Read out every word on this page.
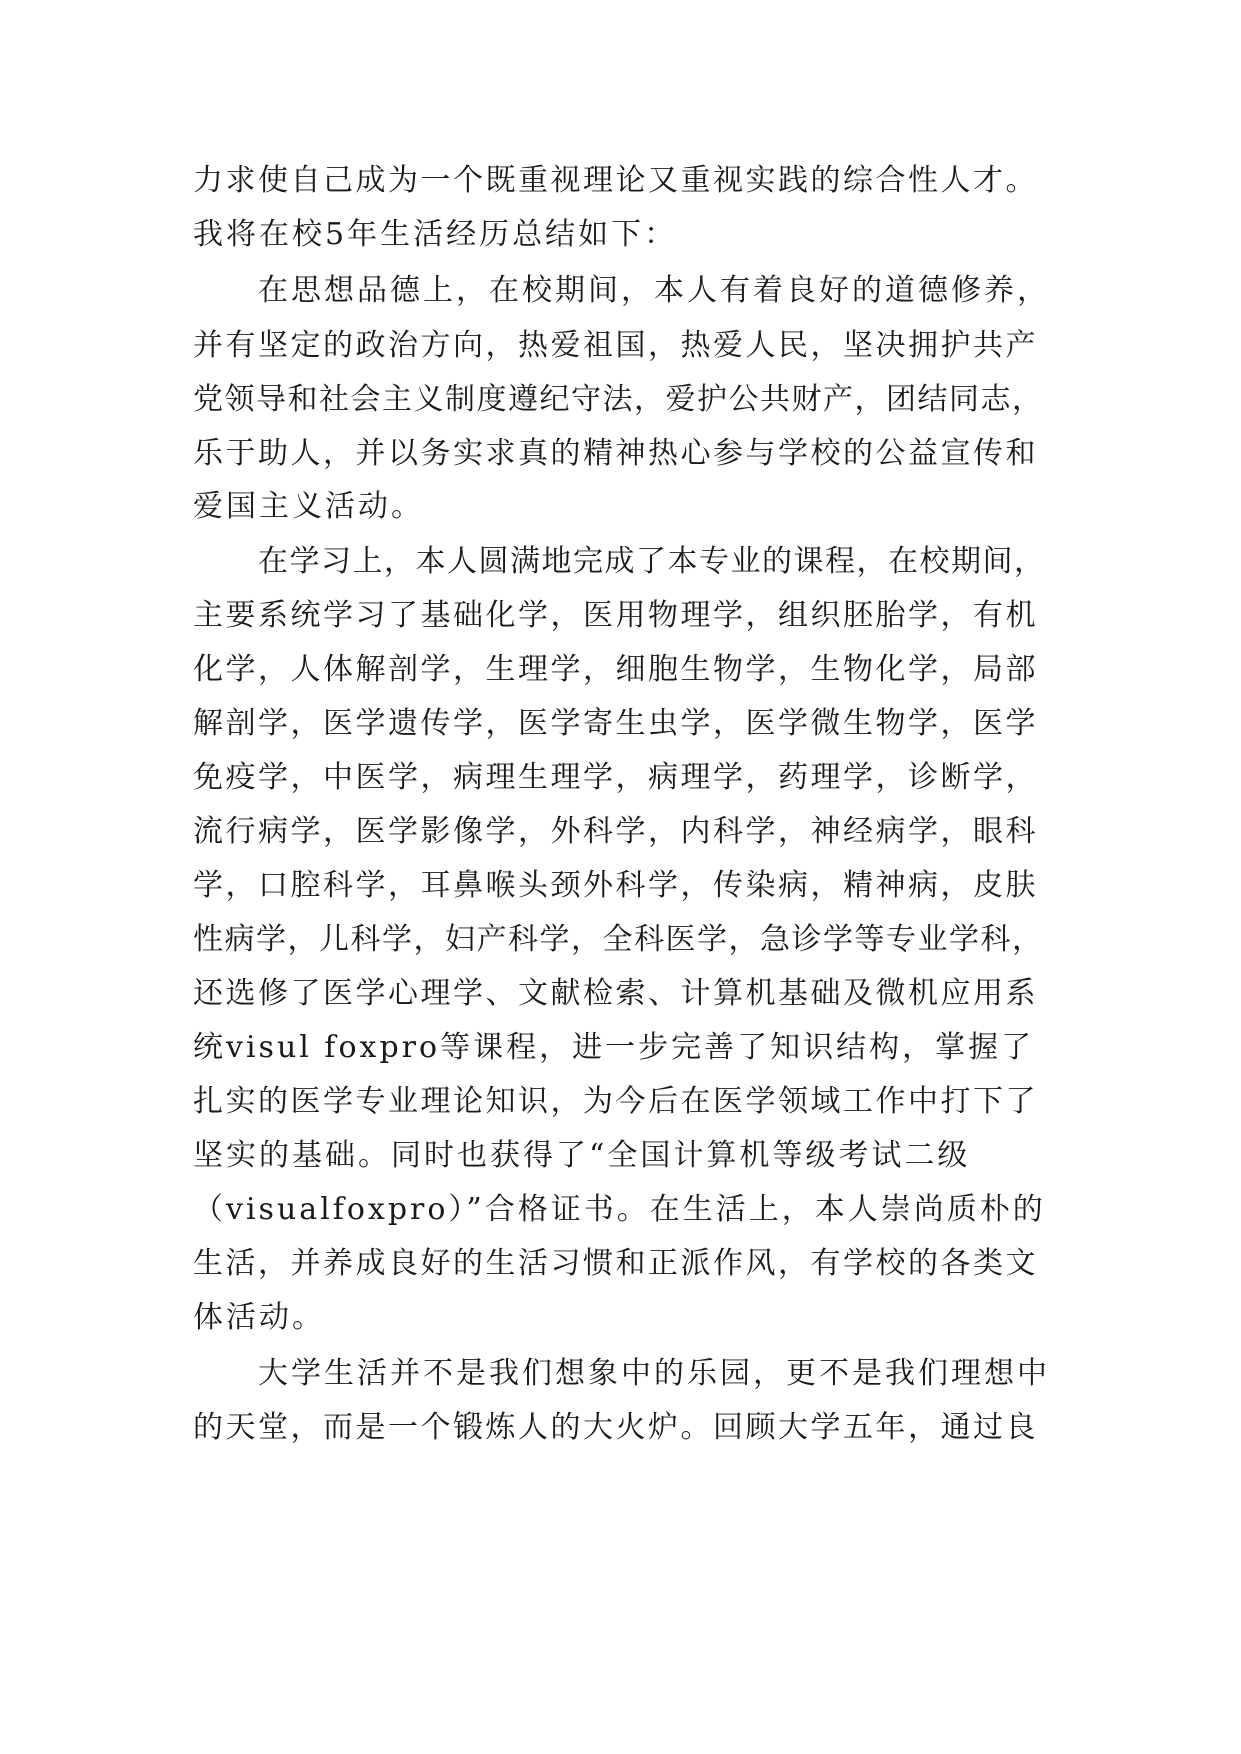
力求使自己成为一个既重视理论又重视实践的综合性人才。
我将在校5年生活经历总结如下：
在思想品德上，在校期间，本人有着良好的道德修养，
并有坚定的政治方向，热爱祖国，热爱人民，坚决拥护共产
党领导和社会主义制度遵纪守法，爱护公共财产，团结同志，
乐于助人，并以务实求真的精神热心参与学校的公益宣传和
爱国主义活动。
在学习上，本人圆满地完成了本专业的课程，在校期间，
主要系统学习了基础化学，医用物理学，组织胚胎学，有机
化学，人体解剖学，生理学，细胞生物学，生物化学，局部
解剖学，医学遗传学，医学寄生虫学，医学微生物学，医学
免疫学，中医学，病理生理学，病理学，药理学，诊断学，
流行病学，医学影像学，外科学，内科学，神经病学，眼科
学，口腔科学，耳鼻喉头颈外科学，传染病，精神病，皮肤
性病学，儿科学，妇产科学，全科医学，急诊学等专业学科，
还选修了医学心理学、文献检索、计算机基础及微机应用系
统visul foxpro等课程，进一步完善了知识结构，掌握了
扎实的医学专业理论知识，为今后在医学领域工作中打下了
坚实的基础。同时也获得了“全国计算机等级考试二级
（visualfoxpro）”合格证书。在生活上，本人崇尚质朴的
生活，并养成良好的生活习惯和正派作风，有学校的各类文
体活动。
大学生活并不是我们想象中的乐园，更不是我们理想中
的天堂，而是一个锻炼人的大火炉。回顾大学五年，通过良
